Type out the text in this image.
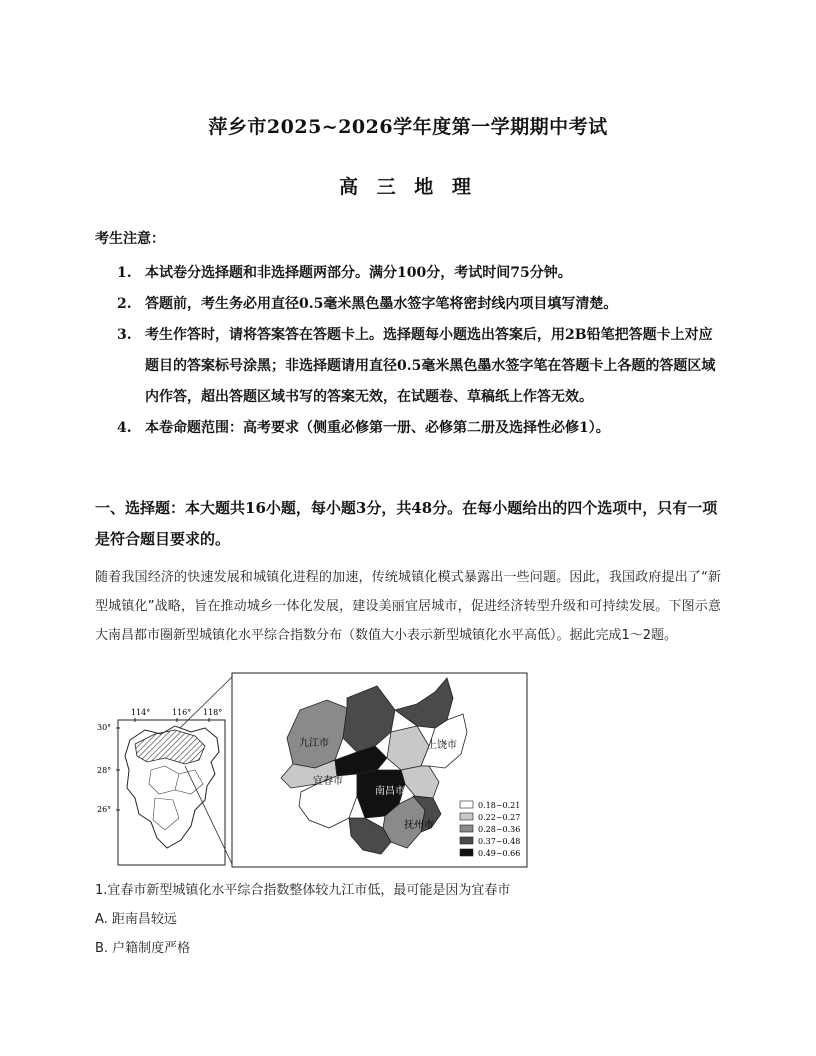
萍乡市2025~2026学年度第一学期期中考试
高 三 地 理
考生注意：
1. 本试卷分选择题和非选择题两部分。满分100分，考试时间75分钟。
2. 答题前，考生务必用直径0.5毫米黑色墨水签字笔将密封线内项目填写清楚。
3. 考生作答时，请将答案答在答题卡上。选择题每小题选出答案后，用2B铅笔把答题卡上对应题目的答案标号涂黑；非选择题请用直径0.5毫米黑色墨水签字笔在答题卡上各题的答题区域内作答，超出答题区域书写的答案无效，在试题卷、草稿纸上作答无效。
4. 本卷命题范围：高考要求（侧重必修第一册、必修第二册及选择性必修1）。
一、选择题：本大题共16小题，每小题3分，共48分。在每小题给出的四个选项中，只有一项是符合题目要求的。
随着我国经济的快速发展和城镇化进程的加速，传统城镇化模式暴露出一些问题。因此，我国政府提出了“新型城镇化”战略，旨在推动城乡一体化发展，建设美丽宜居城市，促进经济转型升级和可持续发展。下图示意大南昌都市圈新型城镇化水平综合指数分布（数值大小表示新型城镇化水平高低）。据此完成1～2题。
114°	116° 118°
30°
28°
26°
九江市	上饶市
宜春市
南昌市
抚州市
0.18~0.21
0.22~0.27
0.28~0.36
0.37~0.48
0.49~0.66
1.宜春市新型城镇化水平综合指数整体较九江市低，最可能是因为宜春市
A. 距南昌较远
B. 户籍制度严格
